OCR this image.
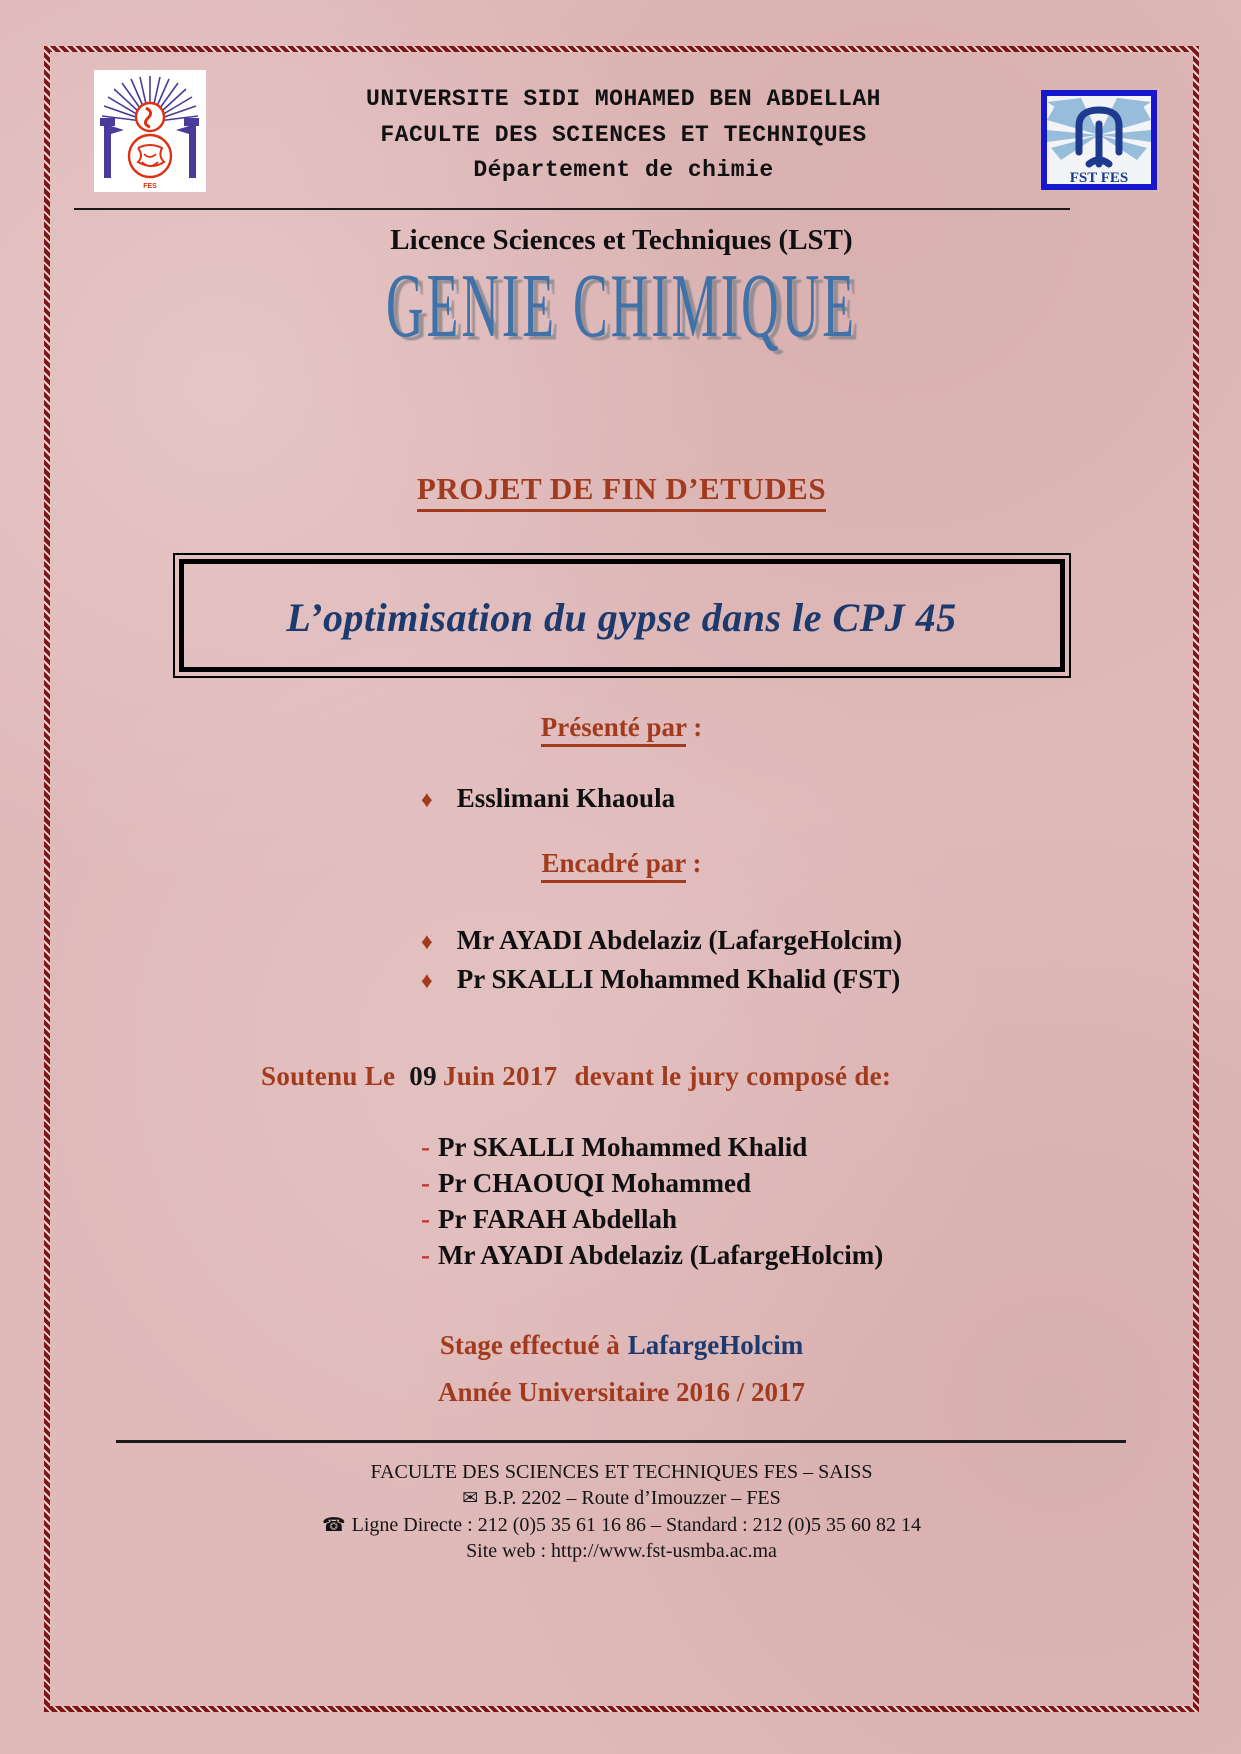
FES
UNIVERSITE SIDI MOHAMED BEN ABDELLAH
FACULTE DES SCIENCES ET TECHNIQUES
Département de chimie	FST FES
Licence Sciences et Techniques (LST)
GENIE CHIMIQUE
PROJET DE FIN D’ETUDES
L’optimisation du gypse dans le CPJ 45
Présenté par :
♦ Esslimani Khaoula
Encadré par :
♦ Mr AYADI Abdelaziz (LafargeHolcim)
♦ Pr SKALLI Mohammed Khalid (FST)
Soutenu Le 09 Juin 2017 devant le jury composé de:
- Pr SKALLI Mohammed Khalid
- Pr CHAOUQI Mohammed
- Pr FARAH Abdellah
- Mr AYADI Abdelaziz (LafargeHolcim)
Stage effectué à LafargeHolcim
Année Universitaire 2016 / 2017
FACULTE DES SCIENCES ET TECHNIQUES FES – SAISS
✉ B.P. 2202 – Route d’Imouzzer – FES
☎ Ligne Directe : 212 (0)5 35 61 16 86 – Standard : 212 (0)5 35 60 82 14
Site web : http://www.fst-usmba.ac.ma
